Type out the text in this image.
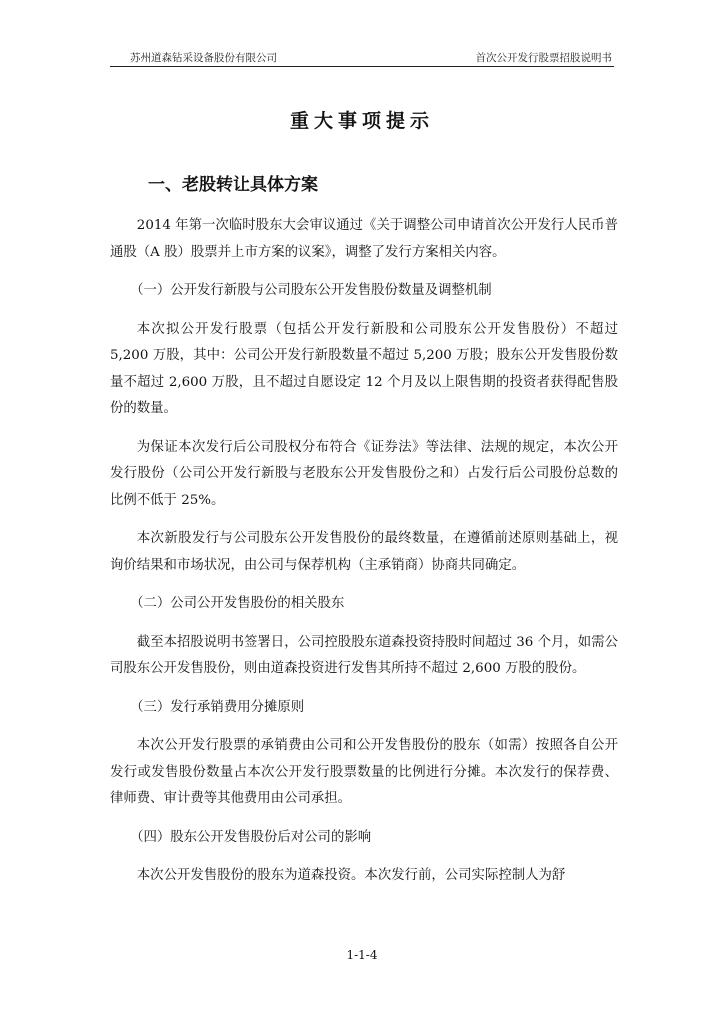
苏州道森钻采设备股份有限公司	首次公开发行股票招股说明书
重大事项提示
一、老股转让具体方案

2014 年第一次临时股东大会审议通过《关于调整公司申请首次公开发行人民币普通股（A 股）股票并上市方案的议案》，调整了发行方案相关内容。

（一）公开发行新股与公司股东公开发售股份数量及调整机制

本次拟公开发行股票（包括公开发行新股和公司股东公开发售股份）不超过 5,200 万股，其中：公司公开发行新股数量不超过 5,200 万股；股东公开发售股份数量不超过 2,600 万股，且不超过自愿设定 12 个月及以上限售期的投资者获得配售股份的数量。

为保证本次发行后公司股权分布符合《证券法》等法律、法规的规定，本次公开发行股份（公司公开发行新股与老股东公开发售股份之和）占发行后公司股份总数的比例不低于 25%。

本次新股发行与公司股东公开发售股份的最终数量，在遵循前述原则基础上，视询价结果和市场状况，由公司与保荐机构（主承销商）协商共同确定。

（二）公司公开发售股份的相关股东

截至本招股说明书签署日，公司控股股东道森投资持股时间超过 36 个月，如需公司股东公开发售股份，则由道森投资进行发售其所持不超过 2,600 万股的股份。

（三）发行承销费用分摊原则

本次公开发行股票的承销费由公司和公开发售股份的股东（如需）按照各自公开发行或发售股份数量占本次公开发行股票数量的比例进行分摊。本次发行的保荐费、律师费、审计费等其他费用由公司承担。

（四）股东公开发售股份后对公司的影响

本次公开发售股份的股东为道森投资。本次发行前，公司实际控制人为舒

1-1-4
